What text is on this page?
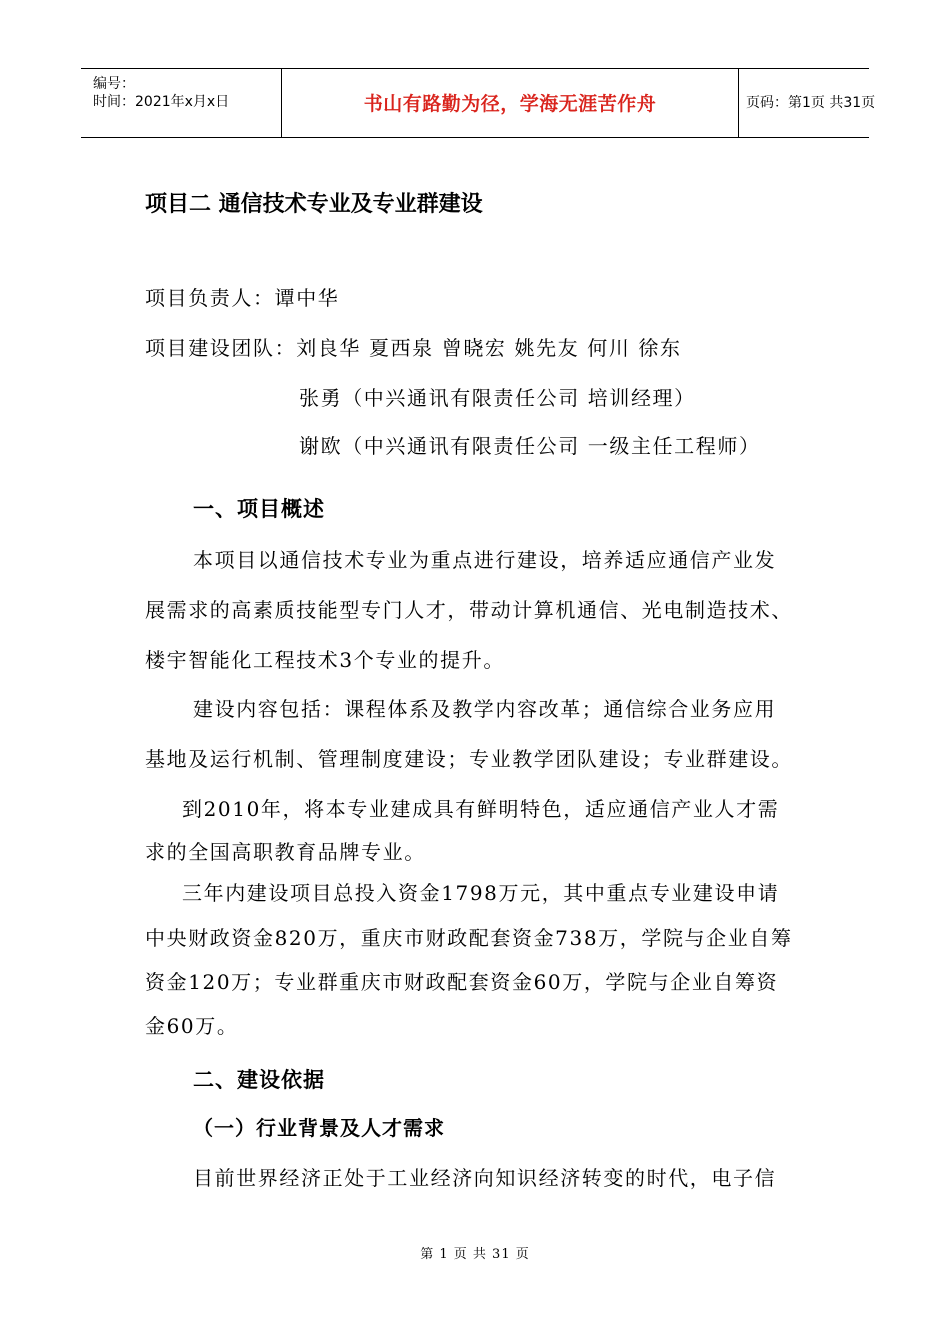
编号：
时间：2021年x月x日	书山有路勤为径，学海无涯苦作舟	页码：第1页 共31页
项目二 通信技术专业及专业群建设
项目负责人：谭中华
项目建设团队：刘良华 夏西泉 曾晓宏 姚先友 何川 徐东
张勇（中兴通讯有限责任公司 培训经理）
谢欧（中兴通讯有限责任公司 一级主任工程师）
一、项目概述
本项目以通信技术专业为重点进行建设，培养适应通信产业发
展需求的高素质技能型专门人才，带动计算机通信、光电制造技术、
楼宇智能化工程技术3个专业的提升。
建设内容包括：课程体系及教学内容改革；通信综合业务应用
基地及运行机制、管理制度建设；专业教学团队建设；专业群建设。
到2010年，将本专业建成具有鲜明特色，适应通信产业人才需
求的全国高职教育品牌专业。
三年内建设项目总投入资金1798万元，其中重点专业建设申请
中央财政资金820万，重庆市财政配套资金738万，学院与企业自筹
资金120万；专业群重庆市财政配套资金60万，学院与企业自筹资
金60万。
二、建设依据
（一）行业背景及人才需求
目前世界经济正处于工业经济向知识经济转变的时代，电子信
第 1 页 共 31 页
